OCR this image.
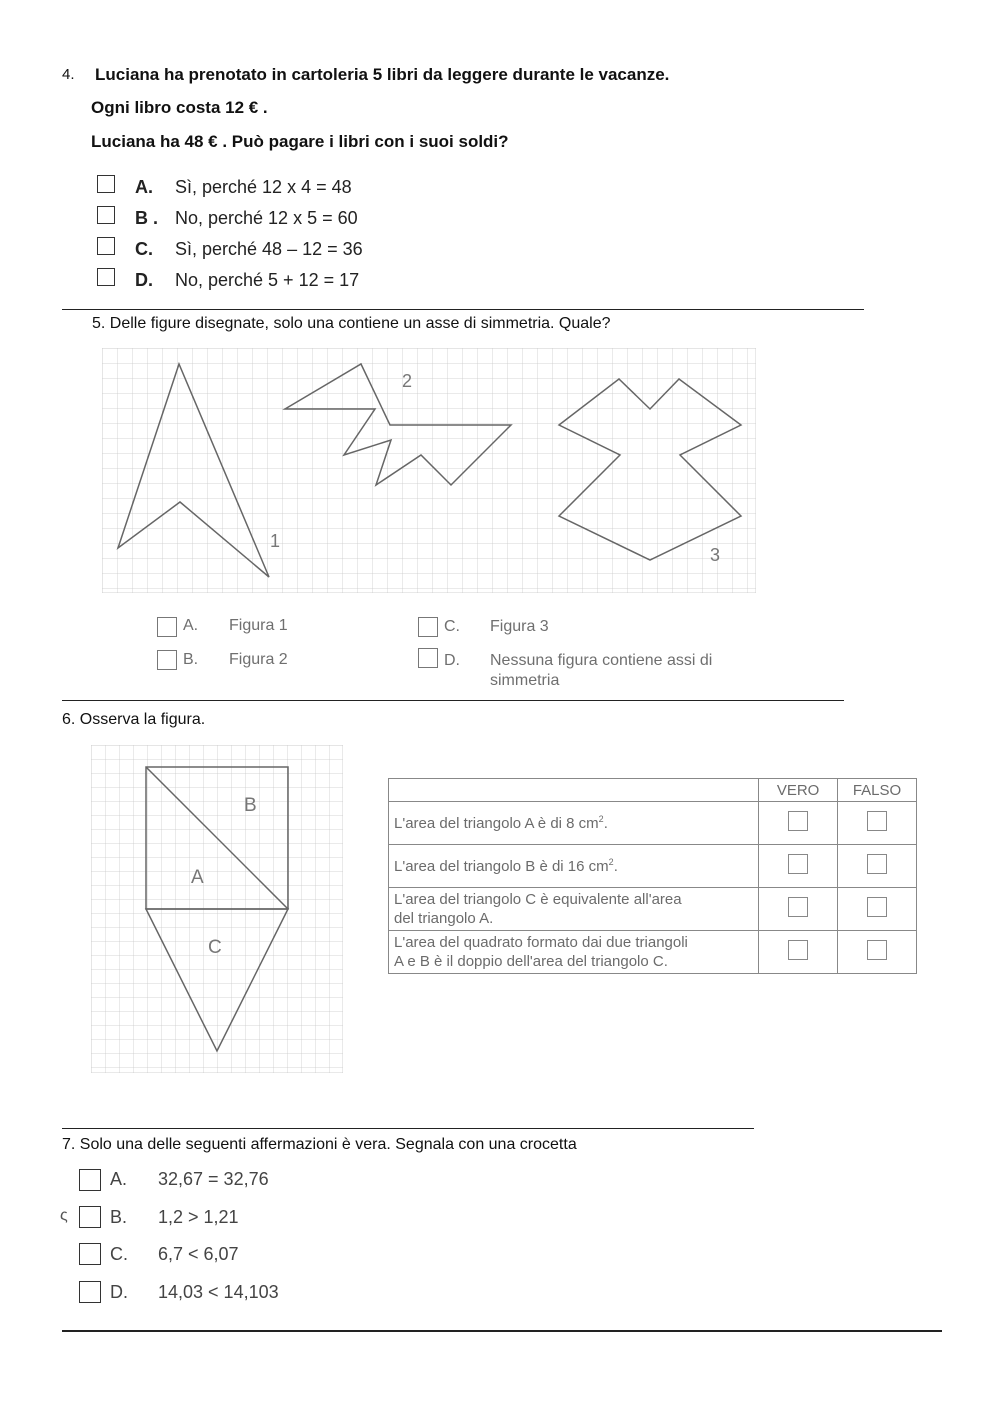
4. Luciana ha prenotato in cartoleria 5 libri da leggere durante le vacanze.
Ogni libro costa 12 € .
Luciana ha 48 € . Può pagare i libri con i suoi soldi?
A. Sì, perché 12 x 4 = 48
B . No, perché 12 x 5 = 60
C. Sì, perché 48 – 12 = 36
D. No, perché 5 + 12 = 17
5. Delle figure disegnate, solo una contiene un asse di simmetria. Quale?
1
2
3
A. Figura 1
B. Figura 2
C. Figura 3
D. Nessuna figura contiene assi di
simmetria
6. Osserva la figura.
B
A
C
	VERO	FALSO
L'area del triangolo A è di 8 $cm^2$.		
L'area del triangolo B è di 16 $cm^2$.		
L'area del triangolo C è equivalente all'area
del triangolo A.		
L'area del quadrato formato dai due triangoli
A e B è il doppio dell'area del triangolo C.		
7. Solo una delle seguenti affermazioni è vera. Segnala con una crocetta
ς
A. 32,67 = 32,76
B. 1,2 > 1,21
C. 6,7 < 6,07
D. 14,03 < 14,103
